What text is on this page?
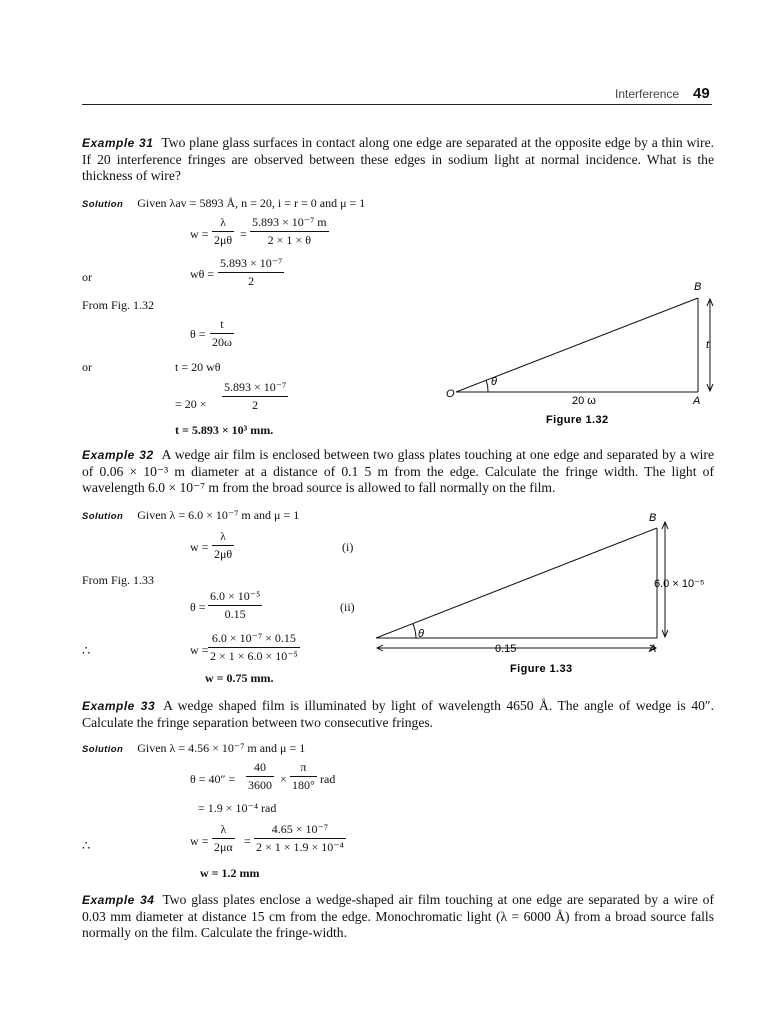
Interference 49
Example 31 Two plane glass surfaces in contact along one edge are separated at the opposite edge by a thin wire. If 20 interference fringes are observed between these edges in sodium light at normal incidence. What is the thickness of wire?
Solution Given λav = 5893 Å, n = 20, i = r = 0 and μ = 1
$w = \frac{\lambda}{2\mu\theta} = \frac{\text{5.893 × 10⁻⁷ m}}{2 \times 1 \times \theta}$
or	$w\theta = \frac{\text{5.893 × 10⁻⁷}}{2}$
From Fig. 1.32
$\theta = \frac{t}{20\omega}$
or	t = 20 wθ
= $20 \times \frac{\text{5.893 × 10⁻⁷}}{2}$
t = 5.893 × 10³ mm.
O
A
B
t
θ
20 ω
Figure 1.32
Example 32 A wedge air film is enclosed between two glass plates touching at one edge and separated by a wire of 0.06 × 10⁻³ m diameter at a distance of 0.1 5 m from the edge. Calculate the fringe width. The light of wavelength 6.0 × 10⁻⁷ m from the broad source is allowed to fall normally on the film.
Solution Given λ = 6.0 × 10⁻⁷ m and μ = 1
$w = \frac{\lambda}{2\mu\theta}$	(i)
From Fig. 1.33
$\theta = \frac{\text{6.0 × 10⁻⁵}}{0.15}$	(ii)
∴	$w = \frac{\text{6.0 × 10⁻⁷ × 0.15}}{\text{2 × 1 × 6.0 × 10⁻⁵}}$
w = 0.75 mm.
θ
B
A
6.0 × 10⁻⁵
0.15
Figure 1.33
Example 33 A wedge shaped film is illuminated by light of wavelength 4650 Å. The angle of wedge is 40″. Calculate the fringe separation between two consecutive fringes.
Solution Given λ = 4.56 × 10⁻⁷ m and μ = 1
$\theta = 40'' = \frac{40}{3600} \times \frac{\pi}{180^\circ}$ rad
= 1.9 × 10⁻⁴ rad
∴	$w = \frac{\lambda}{2\mu\alpha} = \frac{\text{4.65 × 10⁻⁷}}{\text{2 × 1 × 1.9 × 10⁻⁴}}$
w = 1.2 mm
Example 34 Two glass plates enclose a wedge-shaped air film touching at one edge are separated by a wire of 0.03 mm diameter at distance 15 cm from the edge. Monochromatic light (λ = 6000 Å) from a broad source falls normally on the film. Calculate the fringe-width.
